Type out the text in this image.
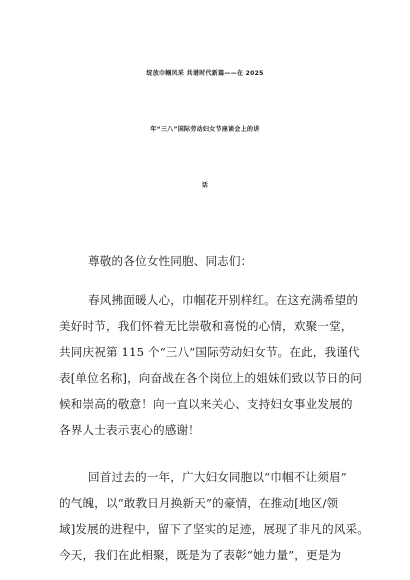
绽放巾帼风采 共谱时代新篇——在 2025
年“三八”国际劳动妇女节座谈会上的讲
话
尊敬的各位女性同胞、同志们：
春风拂面暖人心，巾帼花开别样红。在这充满希望的
美好时节，我们怀着无比崇敬和喜悦的心情，欢聚一堂，
共同庆祝第 115 个“三八”国际劳动妇女节。在此，我谨代
表[单位名称]，向奋战在各个岗位上的姐妹们致以节日的问
候和崇高的敬意！向一直以来关心、支持妇女事业发展的
各界人士表示衷心的感谢！
回首过去的一年，广大妇女同胞以“巾帼不让须眉”
的气魄，以“敢教日月换新天”的豪情，在推动[地区/领
域]发展的进程中，留下了坚实的足迹，展现了非凡的风采。
今天，我们在此相聚，既是为了表彰“她力量”，更是为
